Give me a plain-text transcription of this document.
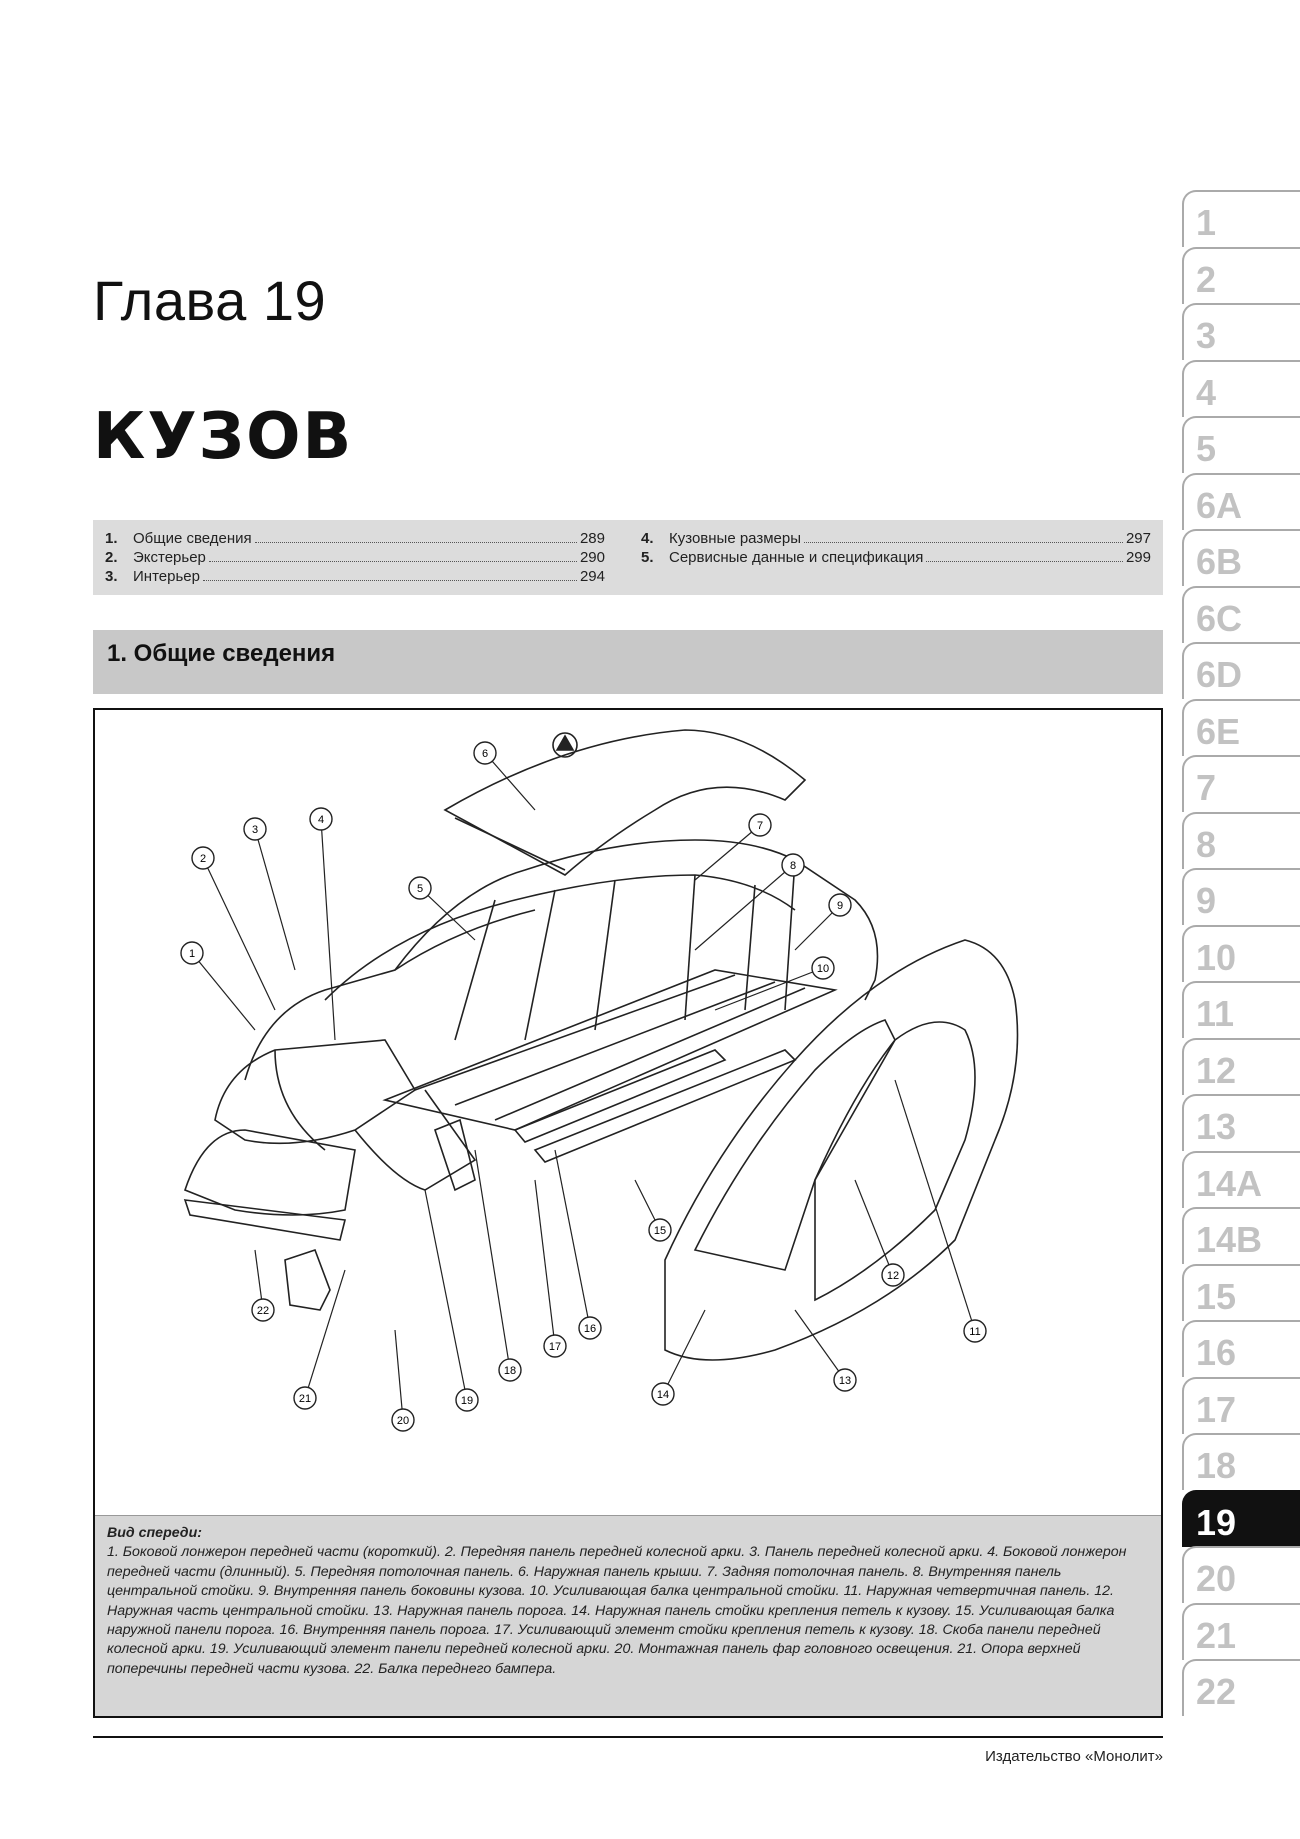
Глава 19
КУЗОВ
1.	Общие сведения	289
2.	Экстерьер	290
3.	Интерьер	294
4.	Кузовные размеры	297
5.	Сервисные данные и спецификация	299
1. Общие сведения
1
2
3
4
5
6
7
8
9
10
11
12
13
14
15
16
17
18
19
20
21
22
Вид спереди:
1. Боковой лонжерон передней части (короткий). 2. Передняя панель передней колесной арки. 3. Панель передней колесной арки. 4. Боковой лонжерон передней части (длинный). 5. Передняя потолочная панель. 6. Наружная панель крыши. 7. Задняя потолочная панель. 8. Внутренняя панель центральной стойки. 9. Внутренняя панель боковины кузова. 10. Усиливающая балка центральной стойки. 11. Наружная четвертичная панель. 12. Наружная часть центральной стойки. 13. Наружная панель порога. 14. Наружная панель стойки крепления петель к кузову. 15. Усиливающая балка наружной панели порога. 16. Внутренняя панель порога. 17. Усиливающий элемент стойки крепления петель к кузову. 18. Скоба панели передней колесной арки. 19. Усиливающий элемент панели передней колесной арки. 20. Монтажная панель фар головного освещения. 21. Опора верхней поперечины передней части кузова. 22. Балка переднего бампера.
Издательство «Монолит»
1
2
3
4
5
6A
6B
6C
6D
6E
7
8
9
10
11
12
13
14A
14B
15
16
17
18
19
20
21
22
